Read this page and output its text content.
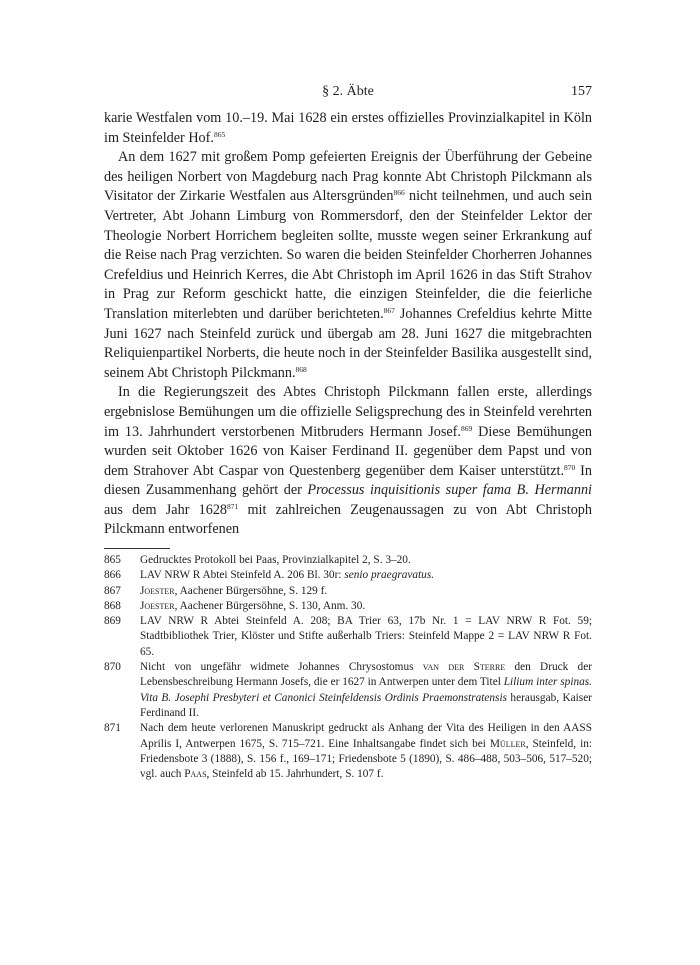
§ 2. Äbte	157

karie Westfalen vom 10.–19. Mai 1628 ein erstes offizielles Provinzialkapitel in Köln im Steinfelder Hof.$^{865}$

An dem 1627 mit großem Pomp gefeierten Ereignis der Überführung der Gebeine des heiligen Norbert von Magdeburg nach Prag konnte Abt Christoph Pilckmann als Visitator der Zirkarie Westfalen aus Altersgründen$^{866}$ nicht teilnehmen, und auch sein Vertreter, Abt Johann Limburg von Rommersdorf, den der Steinfelder Lektor der Theologie Norbert Horrichem begleiten sollte, musste wegen seiner Erkrankung auf die Reise nach Prag verzichten. So waren die beiden Steinfelder Chorherren Johannes Crefeldius und Heinrich Kerres, die Abt Christoph im April 1626 in das Stift Strahov in Prag zur Reform geschickt hatte, die einzigen Steinfelder, die die feierliche Translation miterlebten und darüber berichteten.$^{867}$ Johannes Crefeldius kehrte Mitte Juni 1627 nach Steinfeld zurück und übergab am 28. Juni 1627 die mitgebrachten Reliquienpartikel Norberts, die heute noch in der Steinfelder Basilika ausgestellt sind, seinem Abt Christoph Pilckmann.$^{868}$

In die Regierungszeit des Abtes Christoph Pilckmann fallen erste, allerdings ergebnislose Bemühungen um die offizielle Seligsprechung des in Steinfeld verehrten im 13. Jahrhundert verstorbenen Mitbruders Hermann Josef.$^{869}$ Diese Bemühungen wurden seit Oktober 1626 von Kaiser Ferdinand II. gegenüber dem Papst und von dem Strahover Abt Caspar von Questenberg gegenüber dem Kaiser unterstützt.$^{870}$ In diesen Zusammenhang gehört der Processus inquisitionis super fama B. Hermanni aus dem Jahr 1628$^{871}$ mit zahlreichen Zeugenaussagen zu von Abt Christoph Pilckmann entworfenen

865	Gedrucktes Protokoll bei Paas, Provinzialkapitel 2, S. 3–20.
866	LAV NRW R Abtei Steinfeld A. 206 Bl. 30r: senio praegravatus.
867	Joester, Aachener Bürgersöhne, S. 129 f.
868	Joester, Aachener Bürgersöhne, S. 130, Anm. 30.
869	LAV NRW R Abtei Steinfeld A. 208; BA Trier 63, 17b Nr. 1 = LAV NRW R Fot. 59; Stadtbibliothek Trier, Klöster und Stifte außerhalb Triers: Steinfeld Mappe 2 = LAV NRW R Fot. 65.
870	Nicht von ungefähr widmete Johannes Chrysostomus van der Sterre den Druck der Lebensbeschreibung Hermann Josefs, die er 1627 in Antwerpen unter dem Titel Lilium inter spinas. Vita B. Josephi Presbyteri et Canonici Steinfeldensis Ordinis Praemonstratensis herausgab, Kaiser Ferdinand II.
871	Nach dem heute verlorenen Manuskript gedruckt als Anhang der Vita des Heiligen in den AASS Aprilis I, Antwerpen 1675, S. 715–721. Eine Inhaltsangabe findet sich bei Müller, Steinfeld, in: Friedensbote 3 (1888), S. 156 f., 169–171; Friedensbote 5 (1890), S. 486–488, 503–506, 517–520; vgl. auch Paas, Steinfeld ab 15. Jahrhundert, S. 107 f.
